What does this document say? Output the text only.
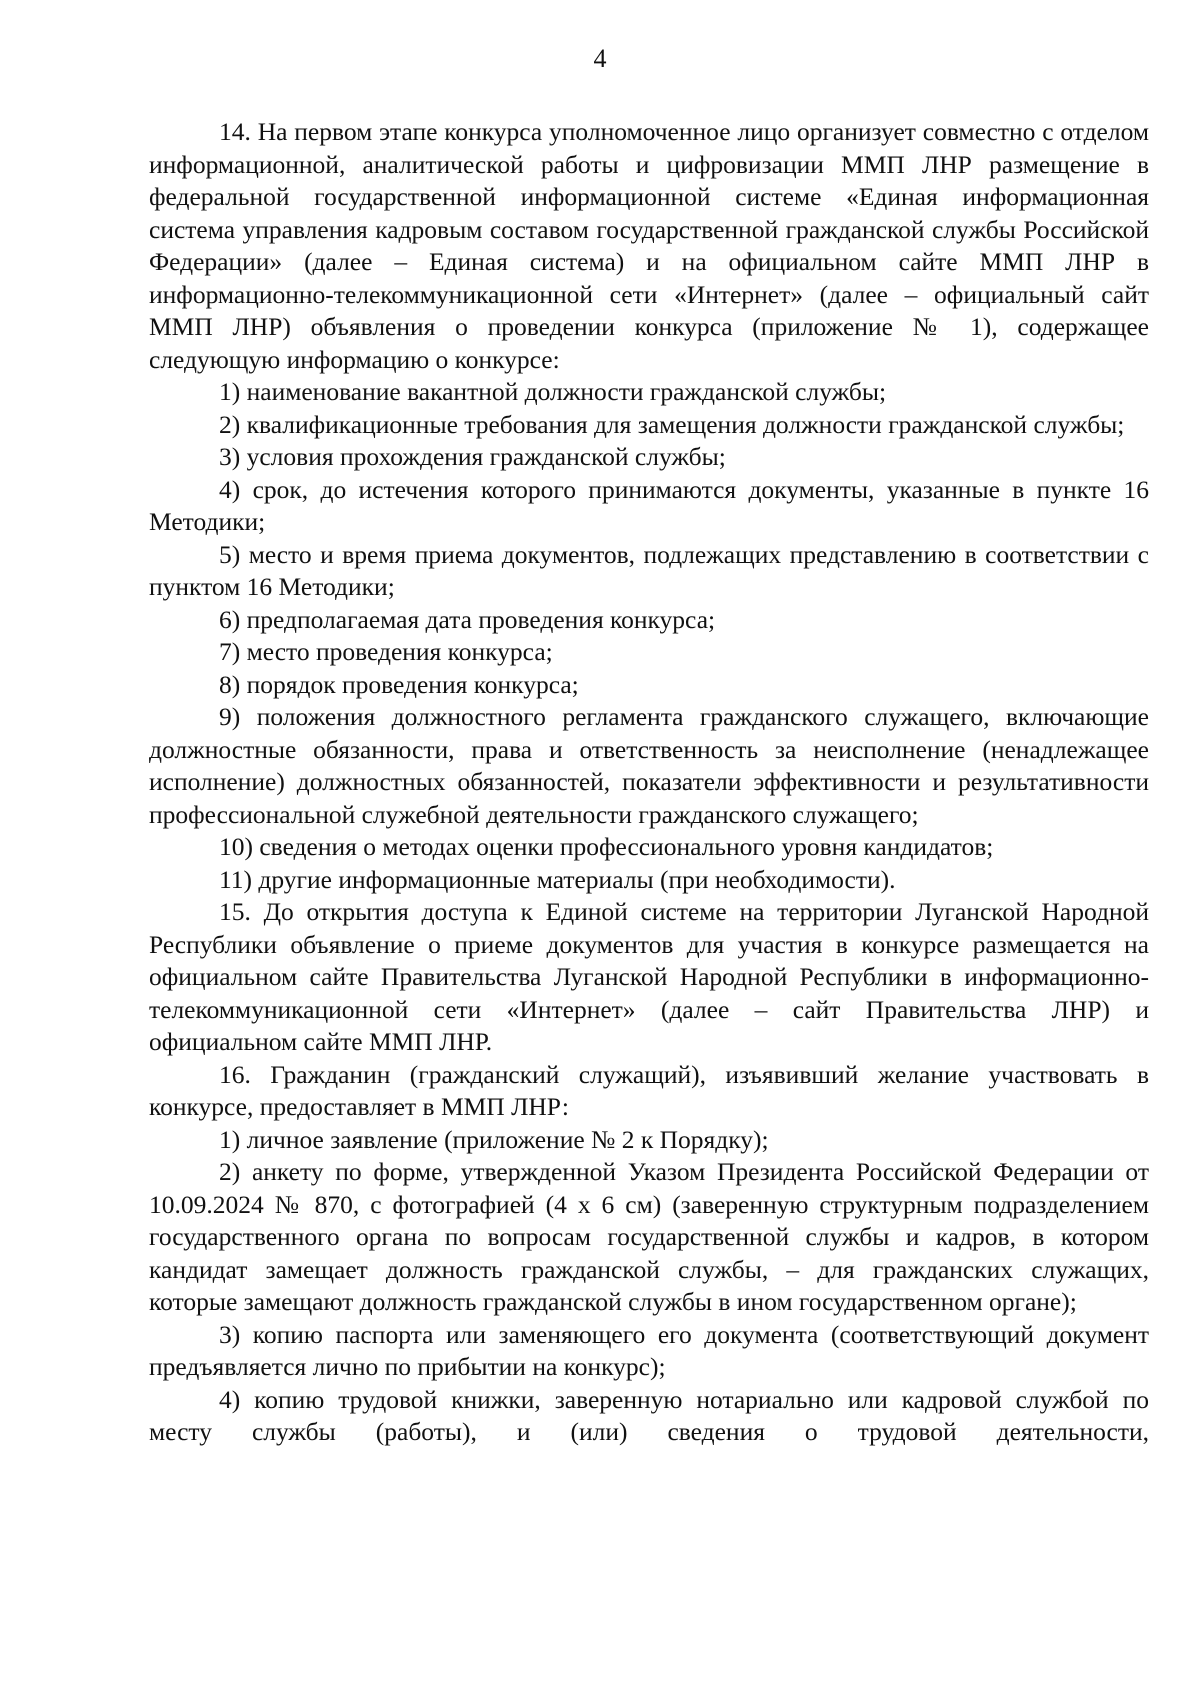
4

14. На первом этапе конкурса уполномоченное лицо организует совместно с отделом информационной, аналитической работы и цифровизации ММП ЛНР размещение в федеральной государственной информационной системе «Единая информационная система управления кадровым составом государственной гражданской службы Российской Федерации» (далее – Единая система) и на официальном сайте ММП ЛНР в информационно-телекоммуникационной сети «Интернет» (далее – официальный сайт ММП ЛНР) объявления о проведении конкурса (приложение № 1), содержащее следующую информацию о конкурсе:

1) наименование вакантной должности гражданской службы;

2) квалификационные требования для замещения должности гражданской службы;

3) условия прохождения гражданской службы;

4) срок, до истечения которого принимаются документы, указанные в пункте 16 Методики;

5) место и время приема документов, подлежащих представлению в соответствии с пунктом 16 Методики;

6) предполагаемая дата проведения конкурса;

7) место проведения конкурса;

8) порядок проведения конкурса;

9) положения должностного регламента гражданского служащего, включающие должностные обязанности, права и ответственность за неисполнение (ненадлежащее исполнение) должностных обязанностей, показатели эффективности и результативности профессиональной служебной деятельности гражданского служащего;

10) сведения о методах оценки профессионального уровня кандидатов;

11) другие информационные материалы (при необходимости).

15. До открытия доступа к Единой системе на территории Луганской Народной Республики объявление о приеме документов для участия в конкурсе размещается на официальном сайте Правительства Луганской Народной Республики в информационно-телекоммуникационной сети «Интернет» (далее – сайт Правительства ЛНР) и официальном сайте ММП ЛНР.

16. Гражданин (гражданский служащий), изъявивший желание участвовать в конкурсе, предоставляет в ММП ЛНР:

1) личное заявление (приложение № 2 к Порядку);

2) анкету по форме, утвержденной Указом Президента Российской Федерации от 10.09.2024 № 870, с фотографией (4 х 6 см) (заверенную структурным подразделением государственного органа по вопросам государственной службы и кадров, в котором кандидат замещает должность гражданской службы, – для гражданских служащих, которые замещают должность гражданской службы в ином государственном органе);

3) копию паспорта или заменяющего его документа (соответствующий документ предъявляется лично по прибытии на конкурс);

4) копию трудовой книжки, заверенную нотариально или кадровой службой по месту службы (работы), и (или) сведения о трудовой деятельности,
